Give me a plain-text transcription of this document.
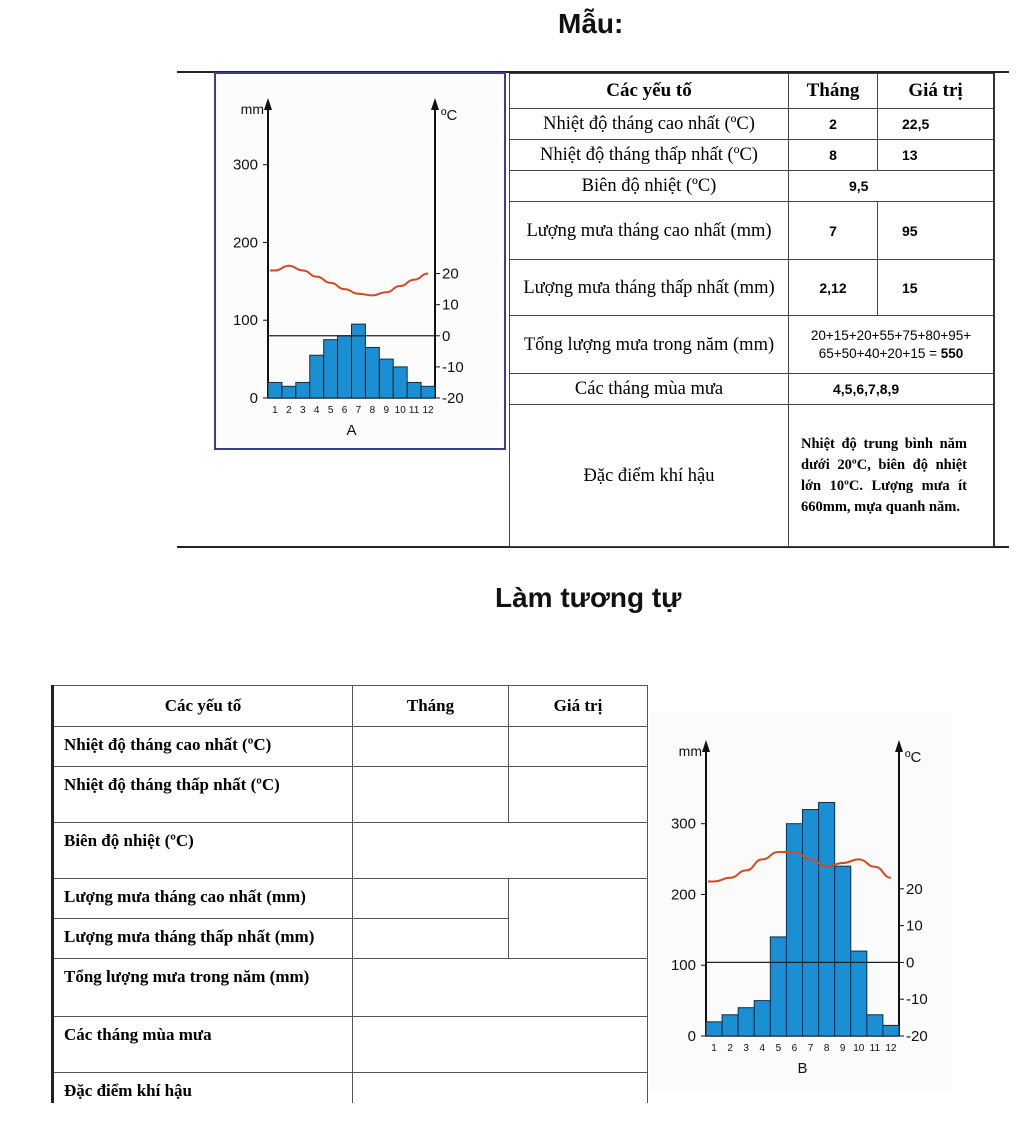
Mẫu:
0
100
200
300
-20
-10
0
10
20
1 2 3 4 5 6 7 8 9 10 11 12
mm	ºC
A
Các yếu tố	Tháng	Giá trị
Nhiệt độ tháng cao nhất (ºC)	2	22,5
Nhiệt độ tháng thấp nhất (ºC)	8	13
Biên độ nhiệt (ºC)	9,5	
Lượng mưa tháng cao nhất (mm)	7	95
Lượng mưa tháng thấp nhất (mm)	2,12	15
Tổng lượng mưa trong năm (mm)	20+15+20+55+75+80+95+
65+50+40+20+15 = 550	
Các tháng mùa mưa	4,5,6,7,8,9	
Đặc điểm khí hậu	Nhiệt độ trung bình năm dưới 20ºC, biên độ nhiệt lớn 10ºC. Lượng mưa ít 660mm, mựa quanh năm.	
Làm tương tự
Các yếu tố	Tháng	Giá trị
Nhiệt độ tháng cao nhất (ºC)		
Nhiệt độ tháng thấp nhất (ºC)		
Biên độ nhiệt (ºC)		
Lượng mưa tháng cao nhất (mm)		
Lượng mưa tháng thấp nhất (mm)		
Tổng lượng mưa trong năm (mm)		
Các tháng mùa mưa		
Đặc điểm khí hậu		
0
100
200
300
-20
-10
0
10
20
1 2 3 4 5 6 7 8 9 10 11 12
mm	ºC
B
